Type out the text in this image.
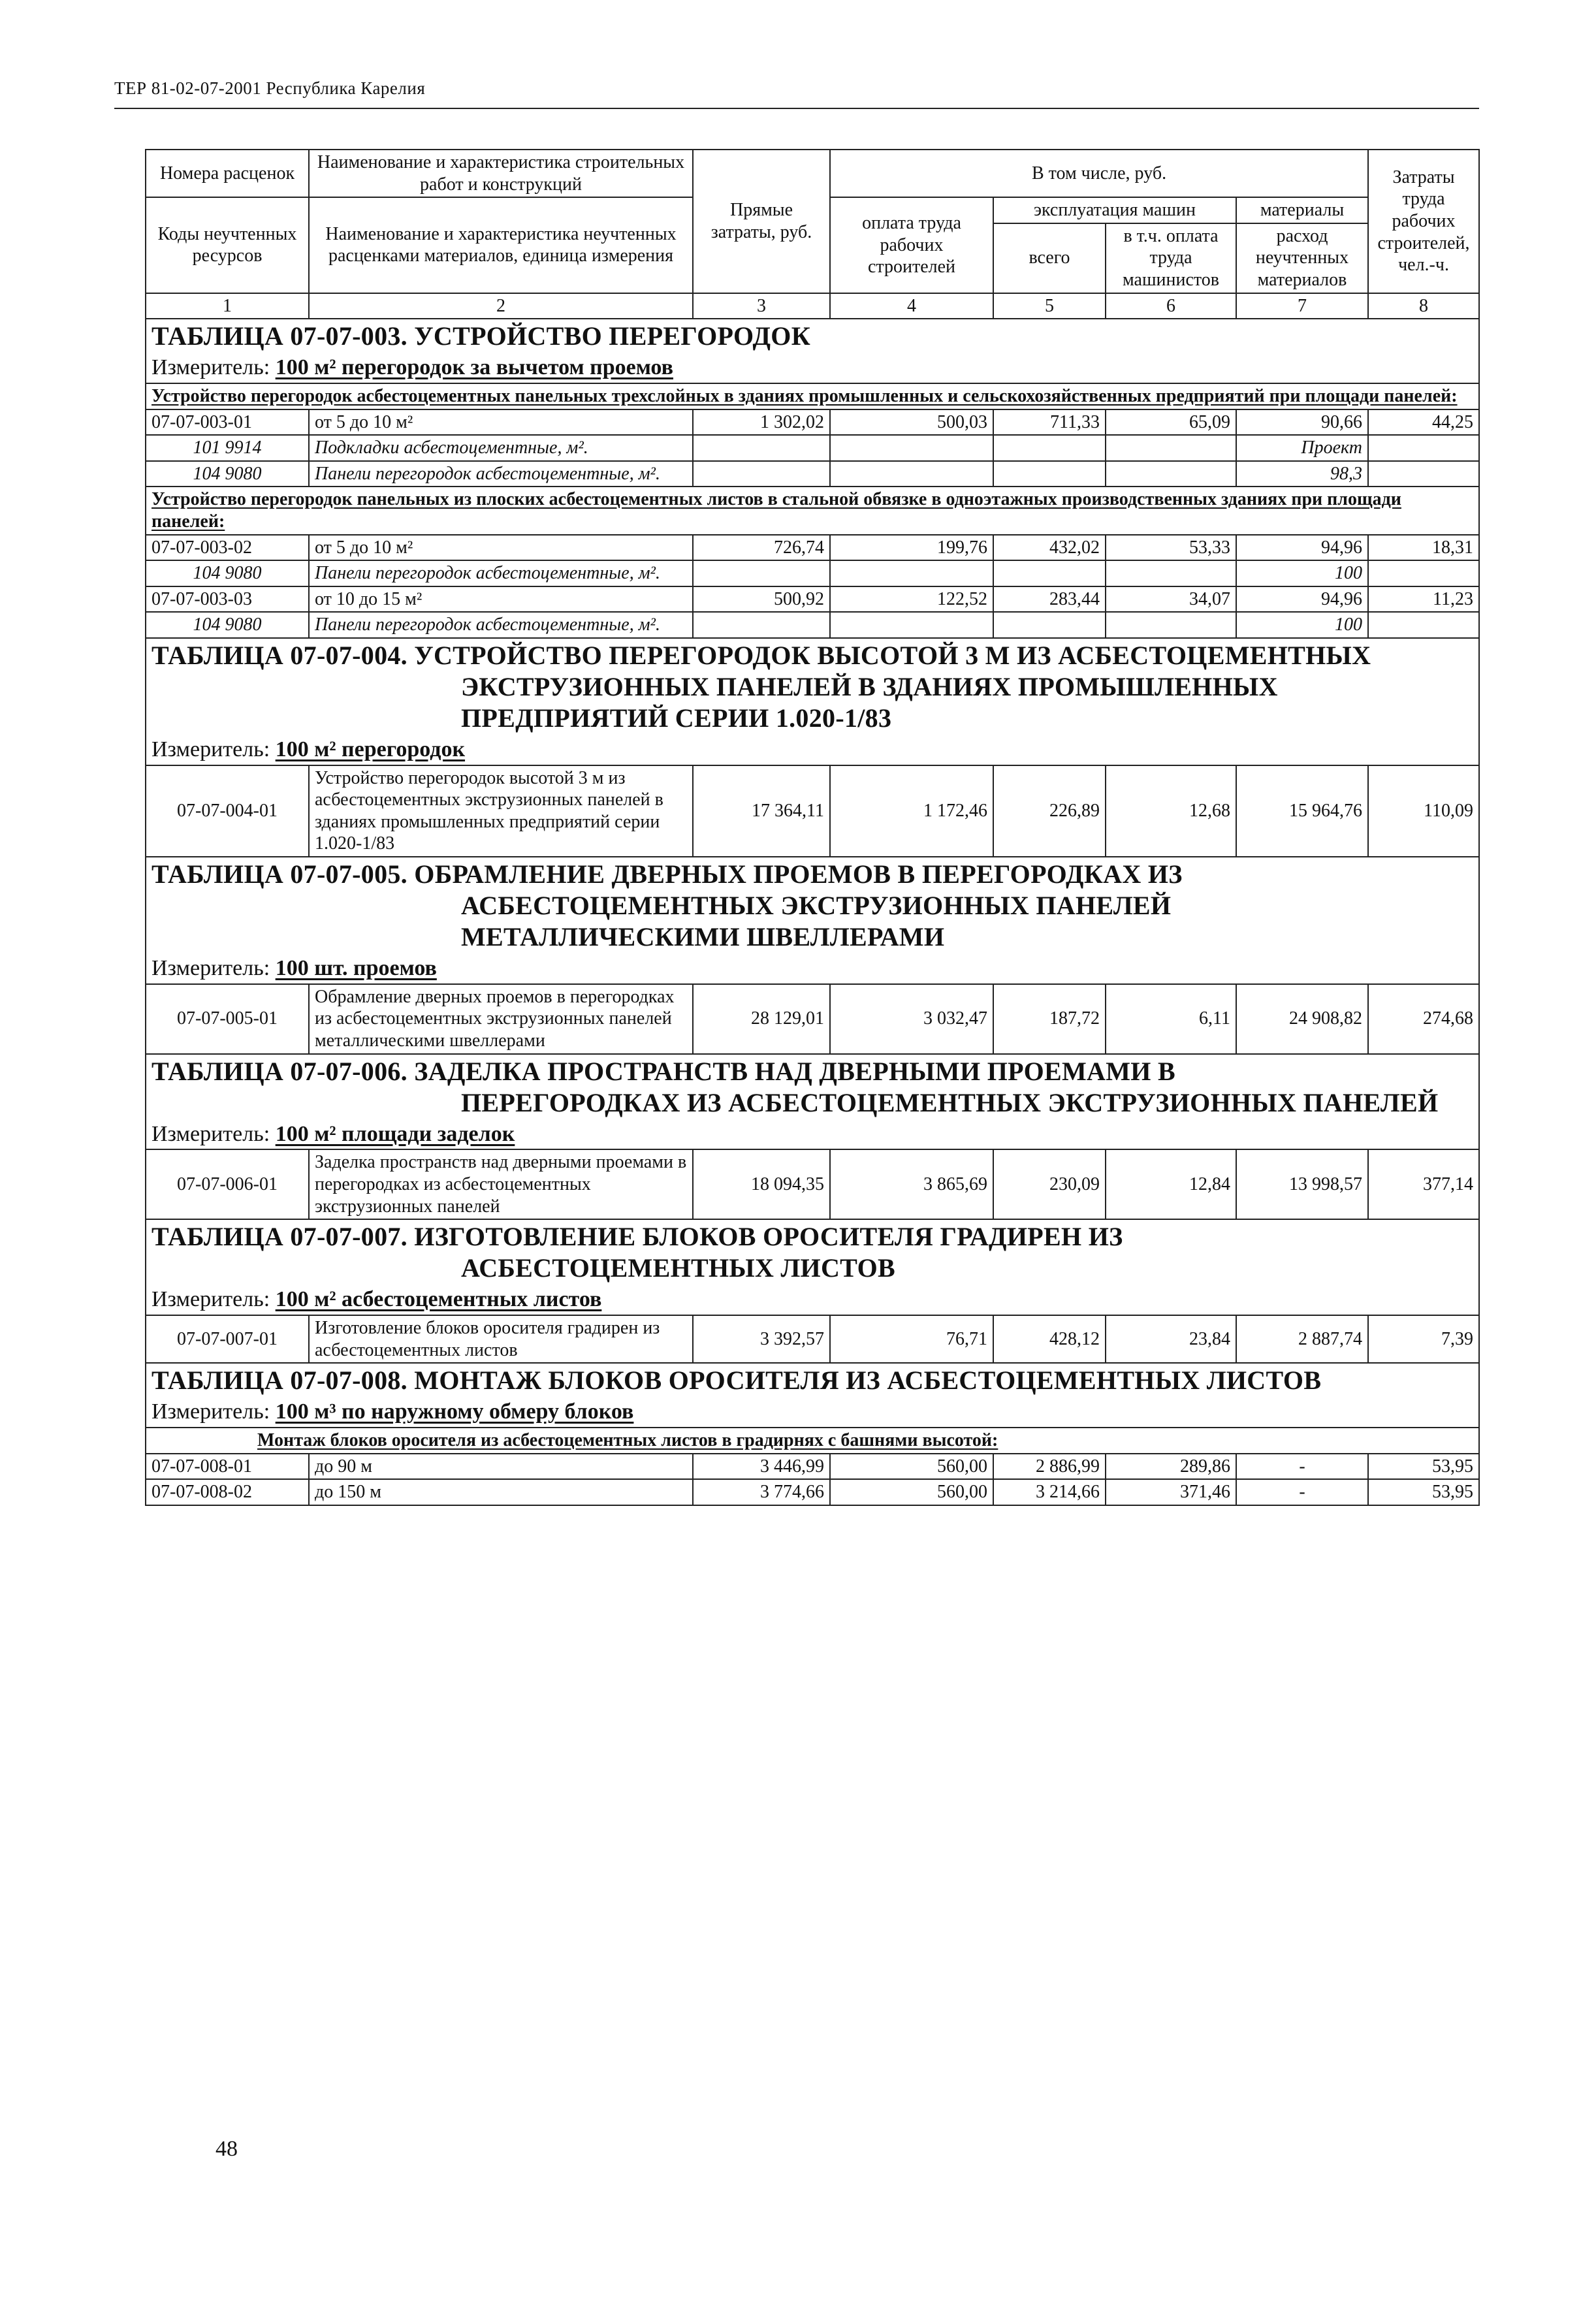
ТЕР 81-02-07-2001 Республика Карелия
Номера расценок	Наименование и характеристика строительных работ и конструкций	Прямые затраты, руб.	В том числе, руб.				Затраты труда рабочих строителей, чел.-ч.
Коды неучтенных ресурсов	Наименование и характеристика неучтенных расценками материалов, единица измерения		оплата труда рабочих строителей	эксплуатация машин		материалы	
				всего	в т.ч. оплата труда машинистов	расход неучтенных материалов	
1	2	3	4	5	6	7	8

ТАБЛИЦА 07-07-003. УСТРОЙСТВО ПЕРЕГОРОДОК
Измеритель: 100 м² перегородок за вычетом проемов							

Устройство перегородок асбестоцементных панельных трехслойных в зданиях промышленных и сельскохозяйственных предприятий при площади панелей:							
07-07-003-01	от 5 до 10 м²	1 302,02	500,03	711,33	65,09	90,66	44,25
101 9914	Подкладки асбестоцементные, м².					Проект	
104 9080	Панели перегородок асбестоцементные, м².					98,3	
Устройство перегородок панельных из плоских асбестоцементных листов в стальной обвязке в одноэтажных производственных зданиях при площади панелей:							
07-07-003-02	от 5 до 10 м²	726,74	199,76	432,02	53,33	94,96	18,31
104 9080	Панели перегородок асбестоцементные, м².					100	
07-07-003-03	от 10 до 15 м²	500,92	122,52	283,44	34,07	94,96	11,23
104 9080	Панели перегородок асбестоцементные, м².					100	

ТАБЛИЦА 07-07-004. УСТРОЙСТВО ПЕРЕГОРОДОК ВЫСОТОЙ 3 М ИЗ АСБЕСТОЦЕМЕНТНЫХ
ЭКСТРУЗИОННЫХ ПАНЕЛЕЙ В ЗДАНИЯХ ПРОМЫШЛЕННЫХ
ПРЕДПРИЯТИЙ СЕРИИ 1.020-1/83
Измеритель: 100 м² перегородок							

07-07-004-01	Устройство перегородок высотой 3 м из асбестоцементных экструзионных панелей в зданиях промышленных предприятий серии 1.020-1/83	17 364,11	1 172,46	226,89	12,68	15 964,76	110,09

ТАБЛИЦА 07-07-005. ОБРАМЛЕНИЕ ДВЕРНЫХ ПРОЕМОВ В ПЕРЕГОРОДКАХ ИЗ
АСБЕСТОЦЕМЕНТНЫХ ЭКСТРУЗИОННЫХ ПАНЕЛЕЙ
МЕТАЛЛИЧЕСКИМИ ШВЕЛЛЕРАМИ
Измеритель: 100 шт. проемов							

07-07-005-01	Обрамление дверных проемов в перегородках из асбестоцементных экструзионных панелей металлическими швеллерами	28 129,01	3 032,47	187,72	6,11	24 908,82	274,68

ТАБЛИЦА 07-07-006. ЗАДЕЛКА ПРОСТРАНСТВ НАД ДВЕРНЫМИ ПРОЕМАМИ В
ПЕРЕГОРОДКАХ ИЗ АСБЕСТОЦЕМЕНТНЫХ ЭКСТРУЗИОННЫХ ПАНЕЛЕЙ
Измеритель: 100 м² площади заделок							

07-07-006-01	Заделка пространств над дверными проемами в перегородках из асбестоцементных экструзионных панелей	18 094,35	3 865,69	230,09	12,84	13 998,57	377,14

ТАБЛИЦА 07-07-007. ИЗГОТОВЛЕНИЕ БЛОКОВ ОРОСИТЕЛЯ ГРАДИРЕН ИЗ
АСБЕСТОЦЕМЕНТНЫХ ЛИСТОВ
Измеритель: 100 м² асбестоцементных листов							

07-07-007-01	Изготовление блоков оросителя градирен из асбестоцементных листов	3 392,57	76,71	428,12	23,84	2 887,74	7,39

ТАБЛИЦА 07-07-008. МОНТАЖ БЛОКОВ ОРОСИТЕЛЯ ИЗ АСБЕСТОЦЕМЕНТНЫХ ЛИСТОВ
Измеритель: 100 м³ по наружному обмеру блоков							

Монтаж блоков оросителя из асбестоцементных листов в градирнях с башнями высотой:							
07-07-008-01	до 90 м	3 446,99	560,00	2 886,99	289,86	-	53,95
07-07-008-02	до 150 м	3 774,66	560,00	3 214,66	371,46	-	53,95
48
